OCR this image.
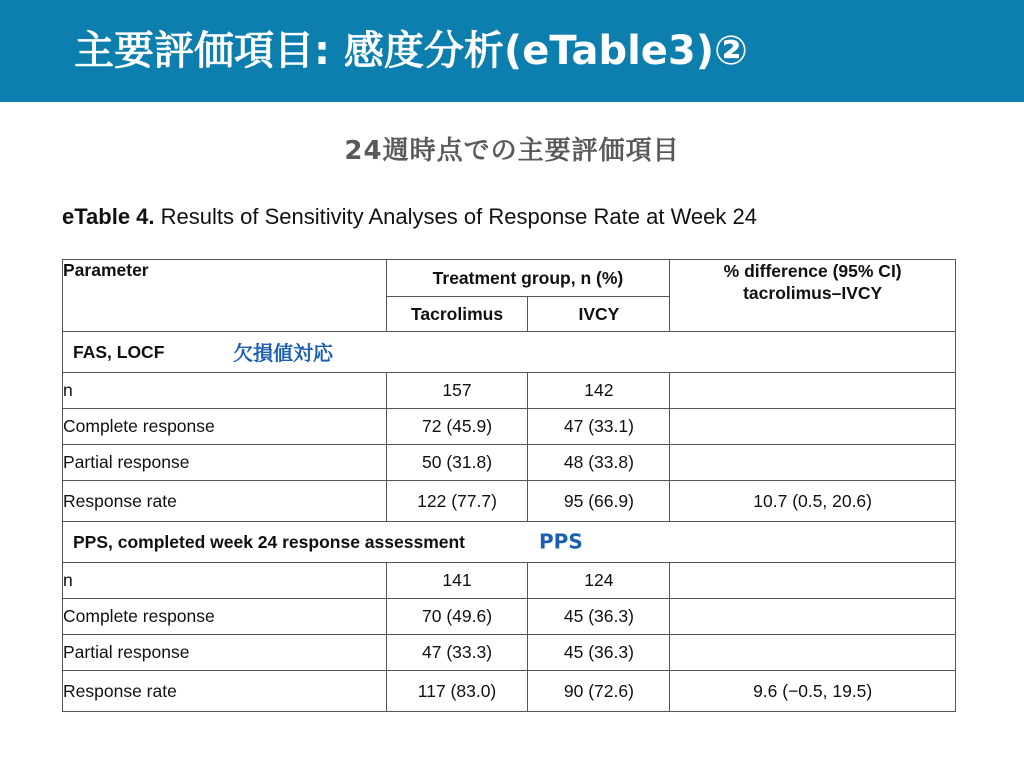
主要評価項目: 感度分析(eTable3)②
24週時点での主要評価項目
eTable 4. Results of Sensitivity Analyses of Response Rate at Week 24
Parameter	Treatment group, n (%)		% difference (95% CI)
tacrolimus–IVCY

	Tacrolimus	IVCY	
FAS, LOCF 欠損値対応			

n	157	142	
Complete response	72 (45.9)	47 (33.1)	
Partial response	50 (31.8)	48 (33.8)	
Response rate	122 (77.7)	95 (66.9)	10.7 (0.5, 20.6)
PPS, completed week 24 response assessment PPS			

n	141	124	
Complete response	70 (49.6)	45 (36.3)	
Partial response	47 (33.3)	45 (36.3)	
Response rate	117 (83.0)	90 (72.6)	9.6 (−0.5, 19.5)
